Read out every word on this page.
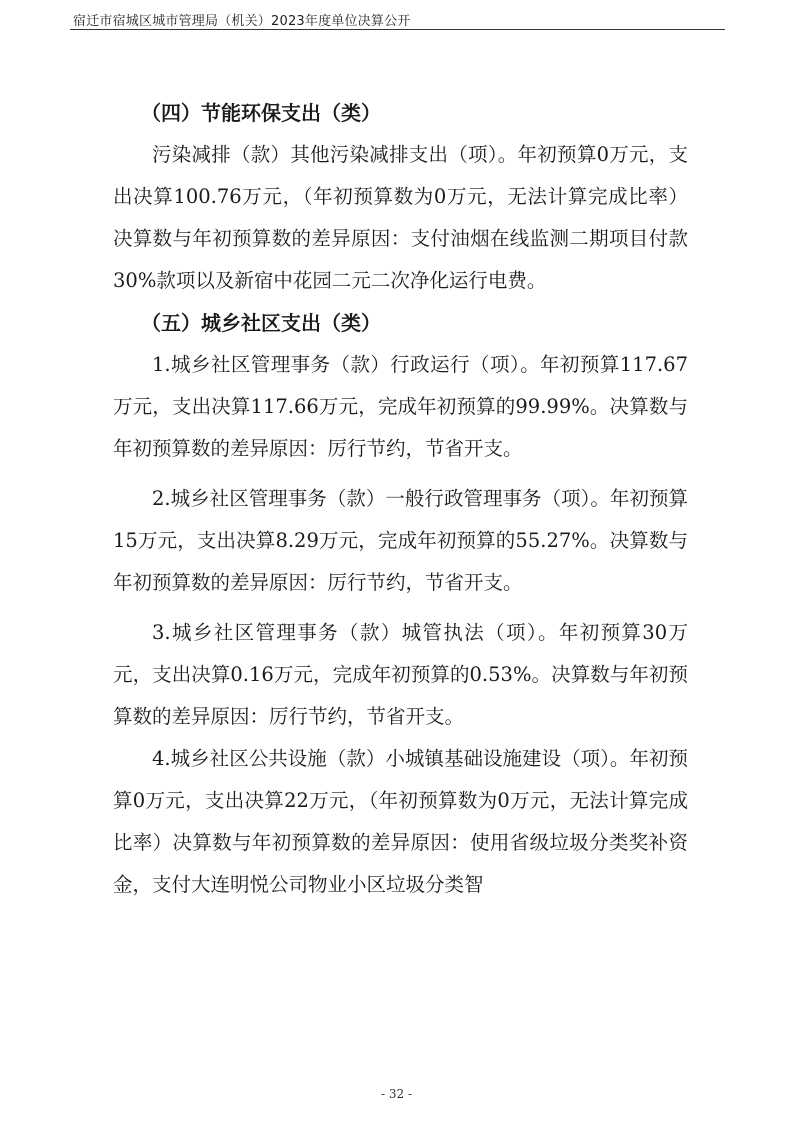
宿迁市宿城区城市管理局（机关）2023年度单位决算公开
（四）节能环保支出（类）

污染减排（款）其他污染减排支出（项）。年初预算0万元，支出决算100.76万元，（年初预算数为0万元，无法计算完成比率）决算数与年初预算数的差异原因：支付油烟在线监测二期项目付款30%款项以及新宿中花园二元二次净化运行电费。

（五）城乡社区支出（类）

1.城乡社区管理事务（款）行政运行（项）。年初预算117.67万元，支出决算117.66万元，完成年初预算的99.99%。决算数与年初预算数的差异原因：厉行节约，节省开支。

2.城乡社区管理事务（款）一般行政管理事务（项）。年初预算15万元，支出决算8.29万元，完成年初预算的55.27%。决算数与年初预算数的差异原因：厉行节约，节省开支。

3.城乡社区管理事务（款）城管执法（项）。年初预算30万元，支出决算0.16万元，完成年初预算的0.53%。决算数与年初预算数的差异原因：厉行节约，节省开支。

4.城乡社区公共设施（款）小城镇基础设施建设（项）。年初预算0万元，支出决算22万元，（年初预算数为0万元，无法计算完成比率）决算数与年初预算数的差异原因：使用省级垃圾分类奖补资金，支付大连明悦公司物业小区垃圾分类智

- 32 -
